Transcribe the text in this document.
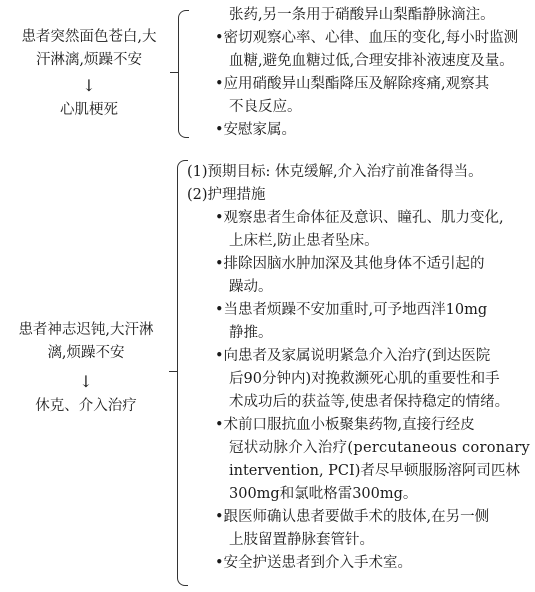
患者突然面色苍白,大
汗淋漓,烦躁不安
↓
心肌梗死
张药,另一条用于硝酸异山梨酯静脉滴注。
•密切观察心率、心律、血压的变化,每小时监测
血糖,避免血糖过低,合理安排补液速度及量。
•应用硝酸异山梨酯降压及解除疼痛,观察其
不良反应。
•安慰家属。
患者神志迟钝,大汗淋
漓,烦躁不安
↓
休克、介入治疗
(1)预期目标: 休克缓解,介入治疗前准备得当。
(2)护理措施
•观察患者生命体征及意识、瞳孔、肌力变化,
上床栏,防止患者坠床。
•排除因脑水肿加深及其他身体不适引起的
躁动。
•当患者烦躁不安加重时,可予地西泮10mg
静推。
•向患者及家属说明紧急介入治疗(到达医院
后90分钟内)对挽救濒死心肌的重要性和手
术成功后的获益等,使患者保持稳定的情绪。
•术前口服抗血小板聚集药物,直接行经皮
冠状动脉介入治疗(percutaneous coronary
intervention, PCI)者尽早顿服肠溶阿司匹林
300mg和氯吡格雷300mg。
•跟医师确认患者要做手术的肢体,在另一侧
上肢留置静脉套管针。
•安全护送患者到介入手术室。
